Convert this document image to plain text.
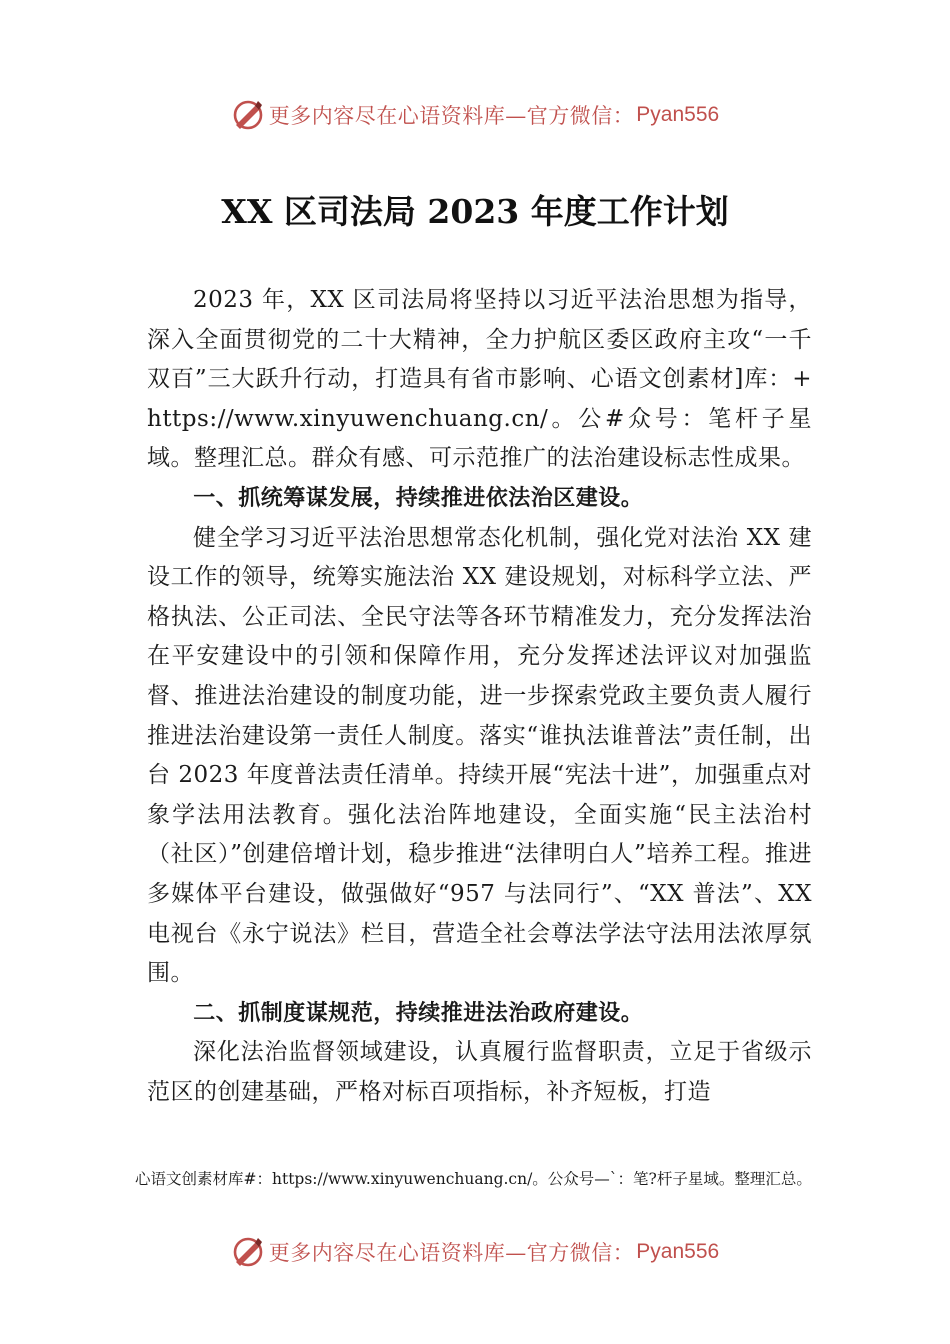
更多内容尽在心语资料库—官方微信： Pyan556
XX 区司法局 2023 年度工作计划

2023 年，XX 区司法局将坚持以习近平法治思想为指导，深入全面贯彻党的二十大精神，全力护航区委区政府主攻“一千双百”三大跃升行动，打造具有省市影响、心语文创素材]库：+https://www.xinyuwenchuang.cn/。公#众号：笔杆子星域。整理汇总。群众有感、可示范推广的法治建设标志性成果。

一、抓统筹谋发展，持续推进依法治区建设。

健全学习习近平法治思想常态化机制，强化党对法治 XX 建设工作的领导，统筹实施法治 XX 建设规划，对标科学立法、严格执法、公正司法、全民守法等各环节精准发力，充分发挥法治在平安建设中的引领和保障作用，充分发挥述法评议对加强监督、推进法治建设的制度功能，进一步探索党政主要负责人履行推进法治建设第一责任人制度。落实“谁执法谁普法”责任制，出台 2023 年度普法责任清单。持续开展“宪法十进”，加强重点对象学法用法教育。强化法治阵地建设，全面实施“民主法治村（社区）”创建倍增计划，稳步推进“法律明白人”培养工程。推进多媒体平台建设，做强做好“957 与法同行”、“XX 普法”、XX 电视台《永宁说法》栏目，营造全社会尊法学法守法用法浓厚氛围。

二、抓制度谋规范，持续推进法治政府建设。

深化法治监督领域建设，认真履行监督职责，立足于省级示范区的创建基础，严格对标百项指标，补齐短板，打造

心语文创素材库#：https://www.xinyuwenchuang.cn/。公众号—`：笔?杆子星域。整理汇总。

更多内容尽在心语资料库—官方微信： Pyan556
